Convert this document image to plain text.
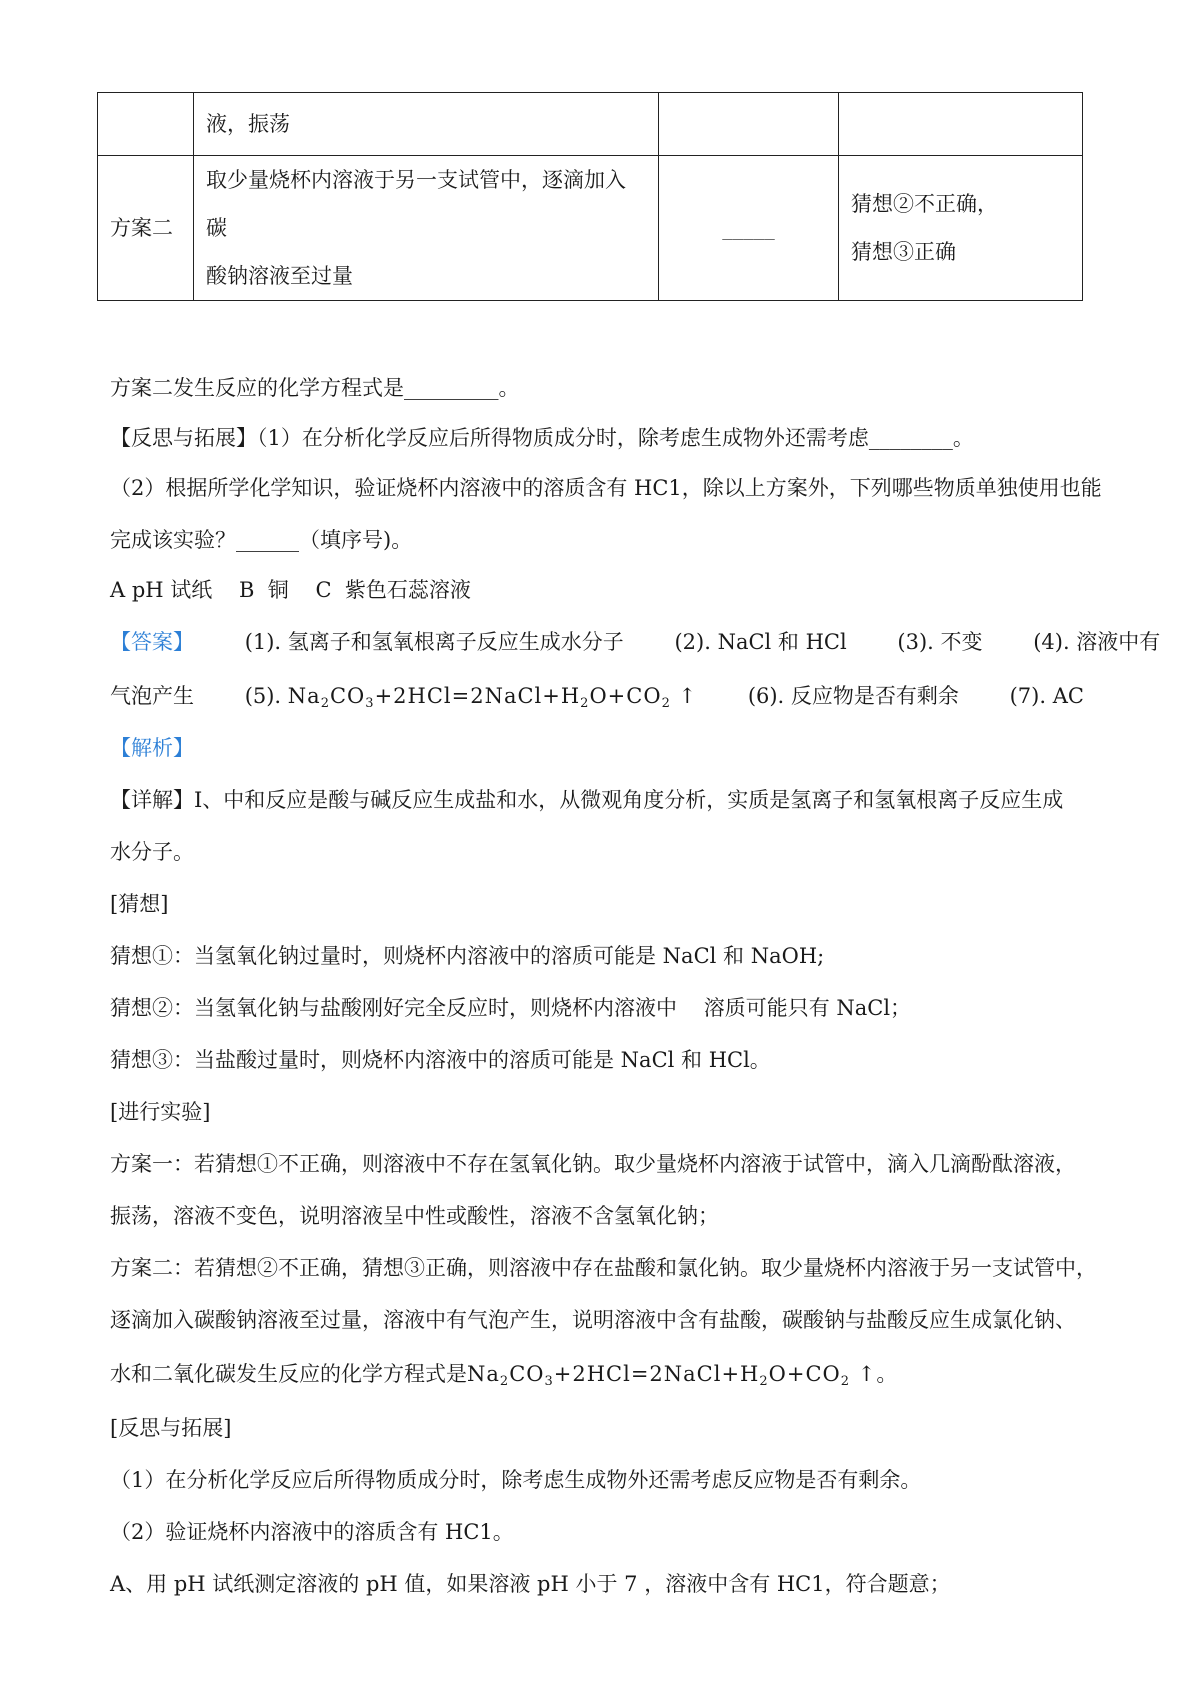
	液，振荡		
方案二	取少量烧杯内溶液于另一支试管中，逐滴加入碳
酸钠溶液至过量	_____	猜想②不正确，
猜想③正确
方案二发生反应的化学方程式是_________。
【反思与拓展】（1）在分析化学反应后所得物质成分时，除考虑生成物外还需考虑________。
（2）根据所学化学知识，验证烧杯内溶液中的溶质含有 HC1，除以上方案外，下列哪些物质单独使用也能
完成该实验？______（填序号)。
A pH 试纸    B  铜    C  紫色石蕊溶液
【答案】 (1). 氢离子和氢氧根离子反应生成水分子 (2). NaCl 和 HCl (3). 不变 (4). 溶液中有
气泡产生 (5). $Na_2CO_3+2HCl=2NaCl+H_2O+CO_2$ ↑ (6). 反应物是否有剩余 (7). AC
【解析】
【详解】Ⅰ、中和反应是酸与碱反应生成盐和水，从微观角度分析，实质是氢离子和氢氧根离子反应生成
水分子。
[猜想]
猜想①：当氢氧化钠过量时，则烧杯内溶液中的溶质可能是 NaCl 和 NaOH;
猜想②：当氢氧化钠与盐酸刚好完全反应时，则烧杯内溶液中    溶质可能只有 NaCl；
猜想③：当盐酸过量时，则烧杯内溶液中的溶质可能是 NaCl 和 HCl。
[进行实验]
方案一：若猜想①不正确，则溶液中不存在氢氧化钠。取少量烧杯内溶液于试管中，滴入几滴酚酞溶液，
振荡，溶液不变色，说明溶液呈中性或酸性，溶液不含氢氧化钠；
方案二：若猜想②不正确，猜想③正确，则溶液中存在盐酸和氯化钠。取少量烧杯内溶液于另一支试管中，
逐滴加入碳酸钠溶液至过量，溶液中有气泡产生，说明溶液中含有盐酸，碳酸钠与盐酸反应生成氯化钠、
水和二氧化碳发生反应的化学方程式是$Na_2CO_3+2HCl=2NaCl+H_2O+CO_2$ ↑。
[反思与拓展]
（1）在分析化学反应后所得物质成分时，除考虑生成物外还需考虑反应物是否有剩余。
（2）验证烧杯内溶液中的溶质含有 HC1。
A、用 pH 试纸测定溶液的 pH 值，如果溶液 pH 小于 7 ，溶液中含有 HC1，符合题意；
